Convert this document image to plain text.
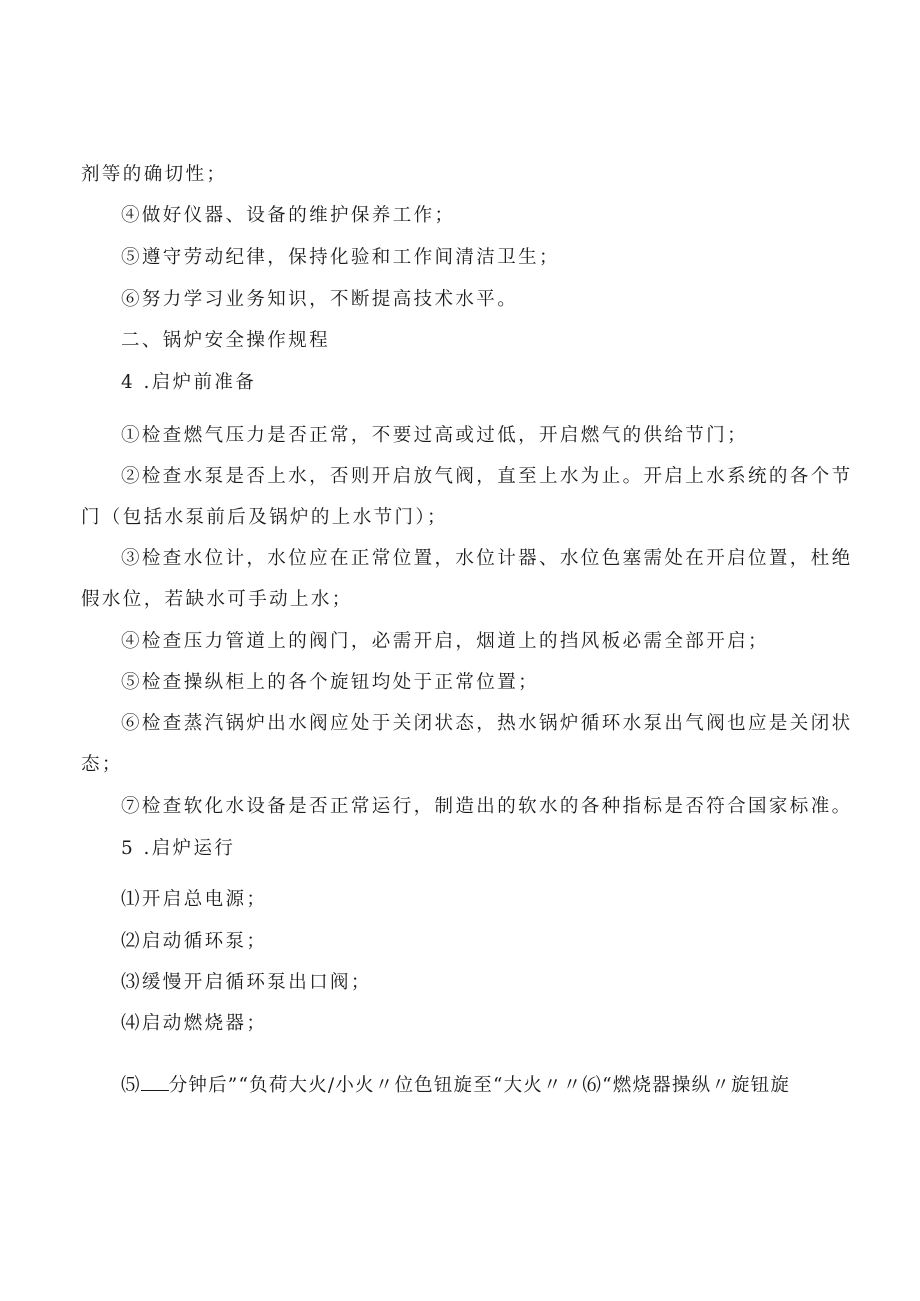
剂等的确切性；
④做好仪器、设备的维护保养工作；
⑤遵守劳动纪律，保持化验和工作间清洁卫生；
⑥努力学习业务知识，不断提高技术水平。
二、锅炉安全操作规程
4 .启炉前准备
①检查燃气压力是否正常，不要过高或过低，开启燃气的供给节门；
②检查水泵是否上水，否则开启放气阀，直至上水为止。开启上水系统的各个节
门（包括水泵前后及锅炉的上水节门）；
③检查水位计，水位应在正常位置，水位计器、水位色塞需处在开启位置，杜绝
假水位，若缺水可手动上水；
④检查压力管道上的阀门，必需开启，烟道上的挡风板必需全部开启；
⑤检查操纵柜上的各个旋钮均处于正常位置；
⑥检查蒸汽锅炉出水阀应处于关闭状态，热水锅炉循环水泵出气阀也应是关闭状
态；
⑦检查软化水设备是否正常运行，制造出的软水的各种指标是否符合国家标准。
5 .启炉运行
⑴开启总电源；
⑵启动循环泵；
⑶缓慢开启循环泵出口阀；
⑷启动燃烧器；
⑸ 分钟后”“负荷大火/小火〃位色钮旋至“大火〃〃⑹“燃烧器操纵〃旋钮旋
